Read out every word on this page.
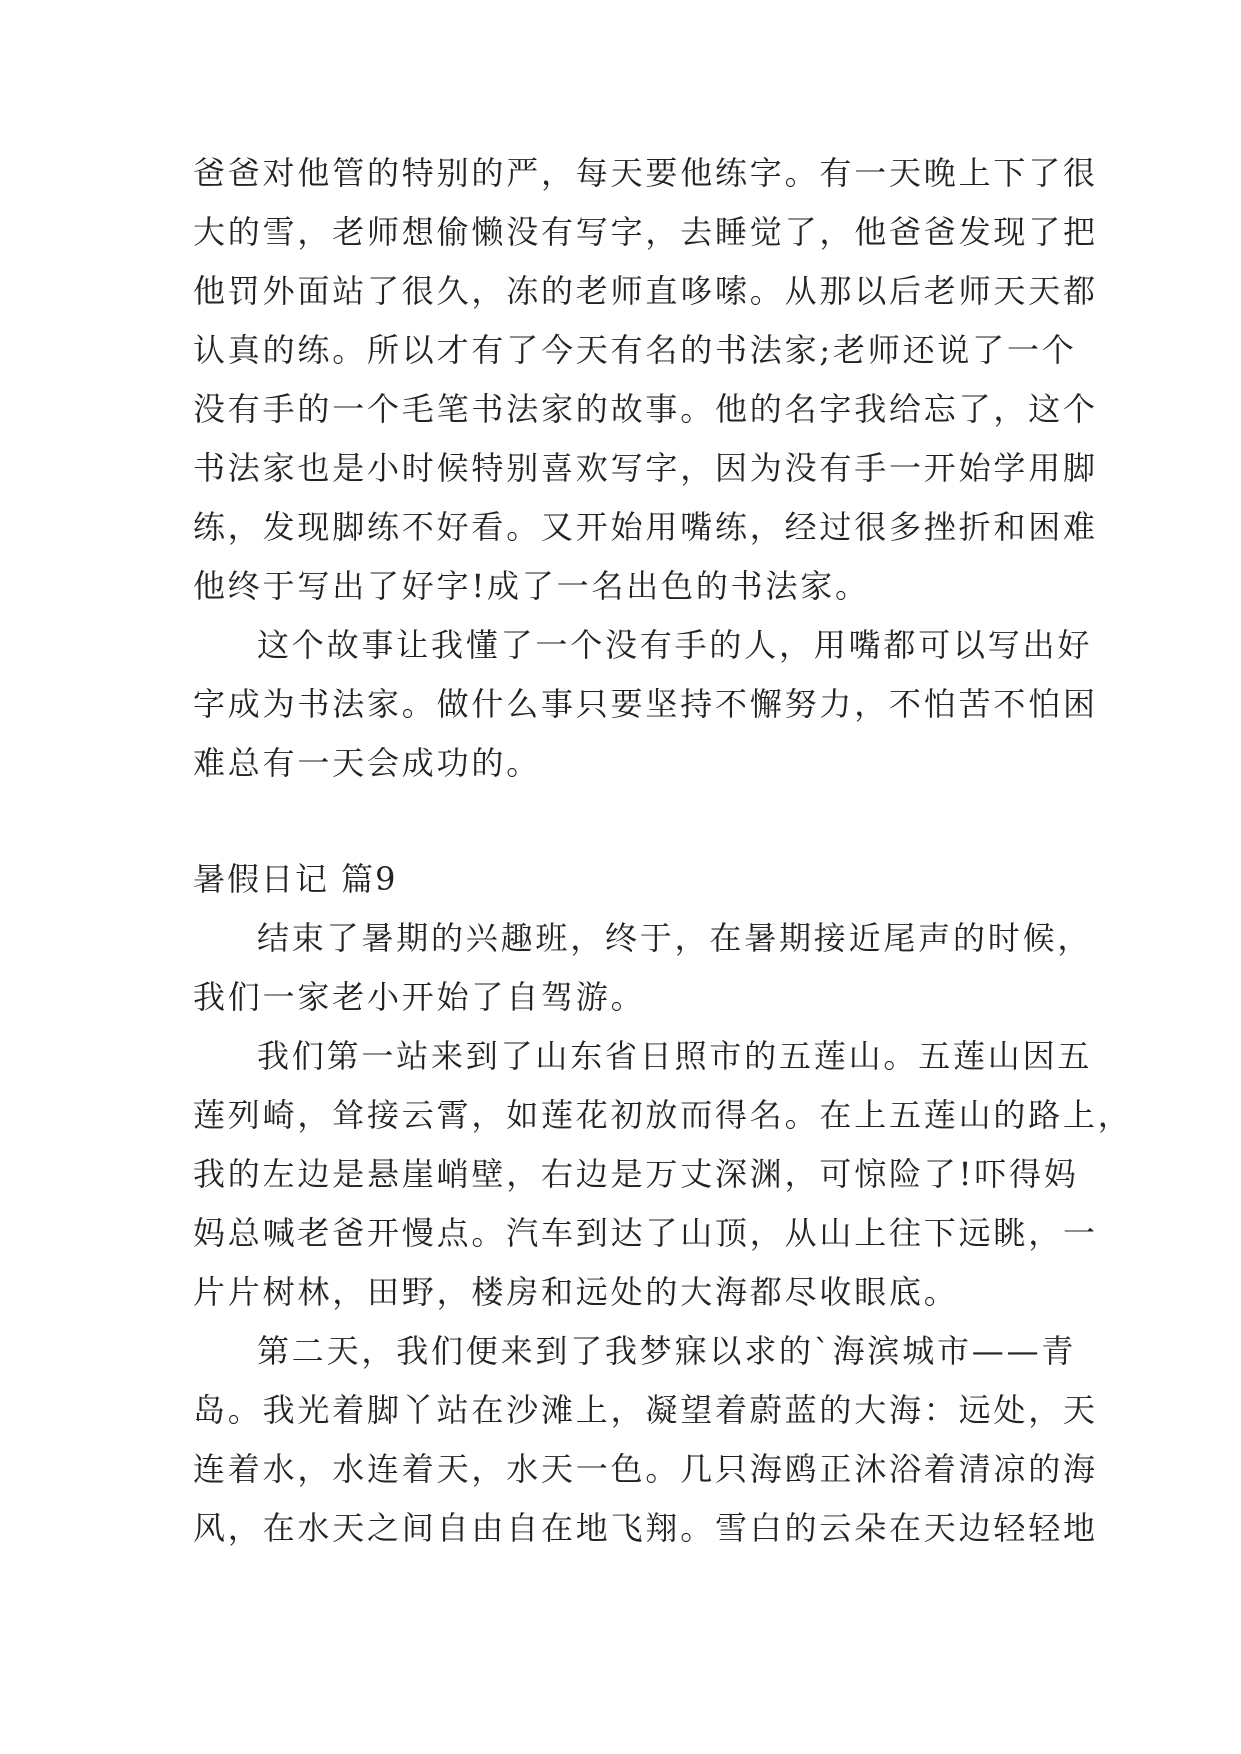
爸爸对他管的特别的严，每天要他练字。有一天晚上下了很
大的雪，老师想偷懒没有写字，去睡觉了，他爸爸发现了把
他罚外面站了很久，冻的老师直哆嗦。从那以后老师天天都
认真的练。所以才有了今天有名的书法家;老师还说了一个
没有手的一个毛笔书法家的故事。他的名字我给忘了，这个
书法家也是小时候特别喜欢写字，因为没有手一开始学用脚
练，发现脚练不好看。又开始用嘴练，经过很多挫折和困难
他终于写出了好字!成了一名出色的书法家。
这个故事让我懂了一个没有手的人，用嘴都可以写出好
字成为书法家。做什么事只要坚持不懈努力，不怕苦不怕困
难总有一天会成功的。
暑假日记 篇9
结束了暑期的兴趣班，终于，在暑期接近尾声的时候，
我们一家老小开始了自驾游。
我们第一站来到了山东省日照市的五莲山。五莲山因五
莲列崎，耸接云霄，如莲花初放而得名。在上五莲山的路上，
我的左边是悬崖峭壁，右边是万丈深渊，可惊险了!吓得妈
妈总喊老爸开慢点。汽车到达了山顶，从山上往下远眺，一
片片树林，田野，楼房和远处的大海都尽收眼底。
第二天，我们便来到了我梦寐以求的`海滨城市——青
岛。我光着脚丫站在沙滩上，凝望着蔚蓝的大海：远处，天
连着水，水连着天，水天一色。几只海鸥正沐浴着清凉的海
风，在水天之间自由自在地飞翔。雪白的云朵在天边轻轻地
